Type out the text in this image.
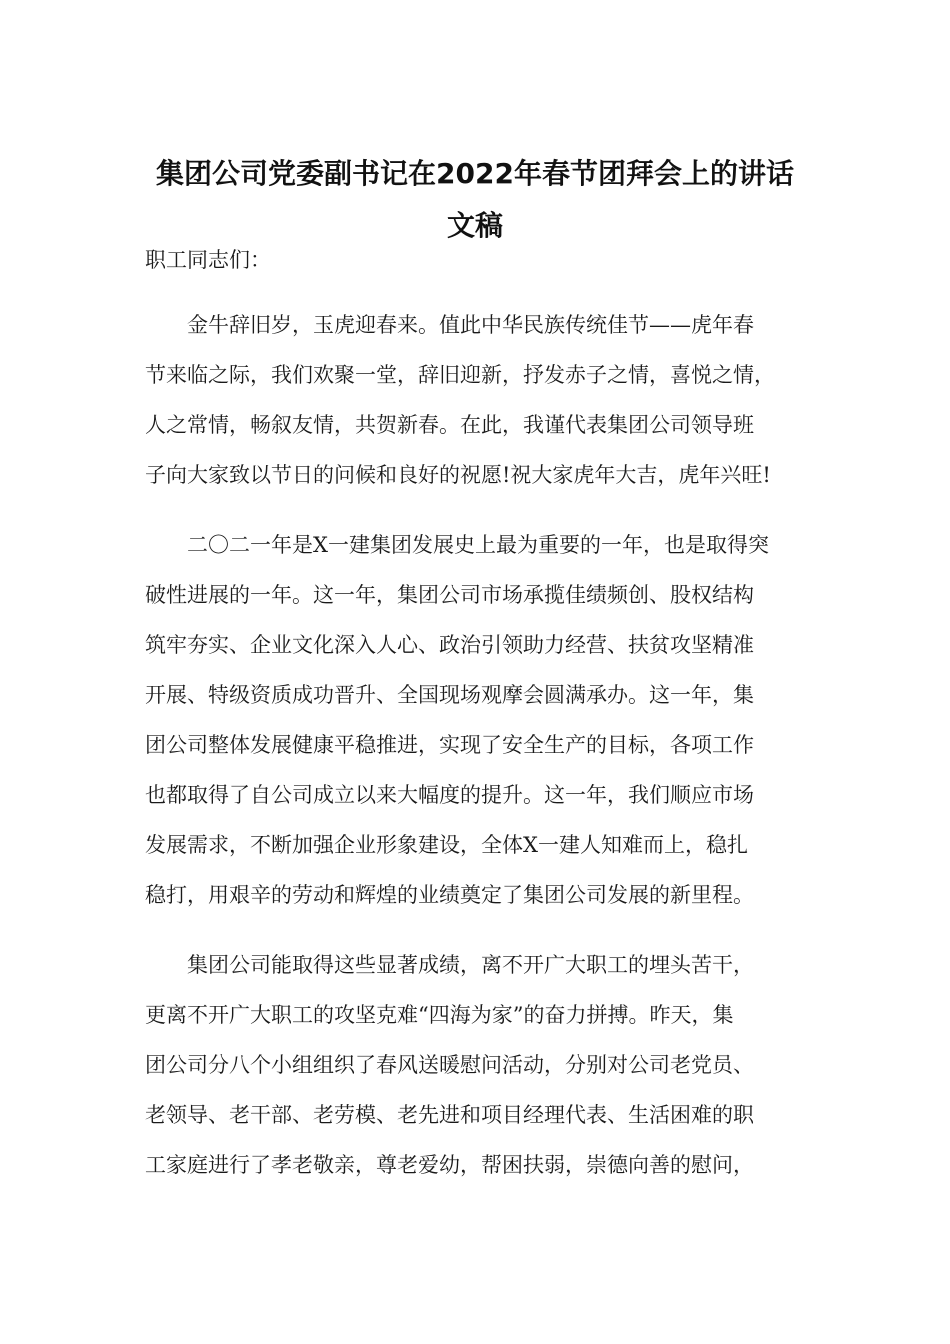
集团公司党委副书记在2022年春节团拜会上的讲话
文稿

职工同志们：

金牛辞旧岁，玉虎迎春来。值此中华民族传统佳节——虎年春
节来临之际，我们欢聚一堂，辞旧迎新，抒发赤子之情，喜悦之情，
人之常情，畅叙友情，共贺新春。在此，我谨代表集团公司领导班
子向大家致以节日的问候和良好的祝愿!祝大家虎年大吉，虎年兴旺!

二〇二一年是X一建集团发展史上最为重要的一年，也是取得突
破性进展的一年。这一年，集团公司市场承揽佳绩频创、股权结构
筑牢夯实、企业文化深入人心、政治引领助力经营、扶贫攻坚精准
开展、特级资质成功晋升、全国现场观摩会圆满承办。这一年，集
团公司整体发展健康平稳推进，实现了安全生产的目标，各项工作
也都取得了自公司成立以来大幅度的提升。这一年，我们顺应市场
发展需求，不断加强企业形象建设，全体X一建人知难而上，稳扎
稳打，用艰辛的劳动和辉煌的业绩奠定了集团公司发展的新里程。

集团公司能取得这些显著成绩，离不开广大职工的埋头苦干，
更离不开广大职工的攻坚克难“四海为家”的奋力拼搏。昨天，集
团公司分八个小组组织了春风送暖慰问活动，分别对公司老党员、
老领导、老干部、老劳模、老先进和项目经理代表、生活困难的职
工家庭进行了孝老敬亲，尊老爱幼，帮困扶弱，崇德向善的慰问，
